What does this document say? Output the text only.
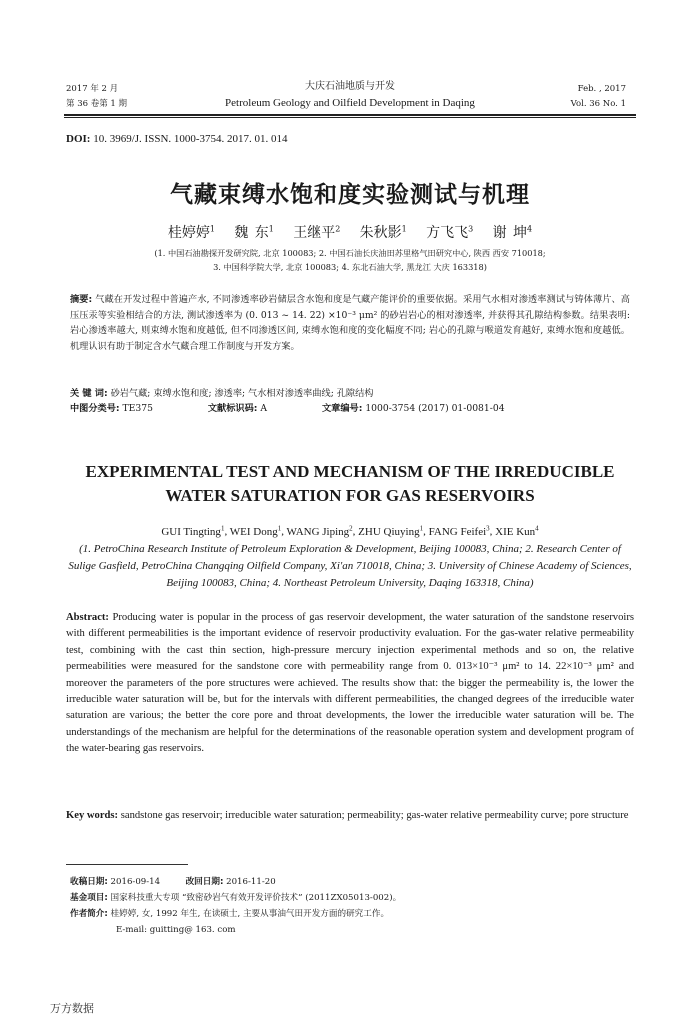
2017 年 2 月
第 36 卷第 1 期
大庆石油地质与开发
Petroleum Geology and Oilfield Development in Daqing
Feb. , 2017
Vol. 36 No. 1
DOI: 10. 3969/J. ISSN. 1000-3754. 2017. 01. 014
气藏束缚水饱和度实验测试与机理
桂婷婷$^1$ 魏 东$^1$ 王继平$^2$ 朱秋影$^1$ 方飞飞$^3$ 谢 坤$^4$
(1. 中国石油勘探开发研究院, 北京 100083; 2. 中国石油长庆油田苏里格气田研究中心, 陕西 西安 710018;
3. 中国科学院大学, 北京 100083; 4. 东北石油大学, 黑龙江 大庆 163318)
摘要: 气藏在开发过程中普遍产水, 不同渗透率砂岩储层含水饱和度是气藏产能评价的重要依据。采用气水相对渗透率测试与铸体薄片、高压压汞等实验相结合的方法, 测试渗透率为 (0. 013 ~ 14. 22) ×10⁻³ μm² 的砂岩岩心的相对渗透率, 并获得其孔隙结构参数。结果表明: 岩心渗透率越大, 则束缚水饱和度越低, 但不同渗透区间, 束缚水饱和度的变化幅度不同; 岩心的孔隙与喉道发育越好, 束缚水饱和度越低。机理认识有助于制定含水气藏合理工作制度与开发方案。
关 键 词: 砂岩气藏; 束缚水饱和度; 渗透率; 气水相对渗透率曲线; 孔隙结构
中图分类号: TE375	文献标识码: A	文章编号: 1000-3754 (2017) 01-0081-04
EXPERIMENTAL TEST AND MECHANISM OF THE IRREDUCIBLE
WATER SATURATION FOR GAS RESERVOIRS
GUI Tingting$^1$, WEI Dong$^1$, WANG Jiping$^2$, ZHU Qiuying$^1$, FANG Feifei$^3$, XIE Kun$^4$
(1. PetroChina Research Institute of Petroleum Exploration & Development, Beijing 100083, China; 2. Research Center of Sulige Gasfield, PetroChina Changqing Oilfield Company, Xi'an 710018, China; 3. University of Chinese Academy of Sciences, Beijing 100083, China; 4. Northeast Petroleum University, Daqing 163318, China)
Abstract: Producing water is popular in the process of gas reservoir development, the water saturation of the sandstone reservoirs with different permeabilities is the important evidence of reservoir productivity evaluation. For the gas-water relative permeability test, combining with the cast thin section, high-pressure mercury injection experimental methods and so on, the relative permeabilities were measured for the sandstone core with permeability range from 0. 013×10⁻³ μm² to 14. 22×10⁻³ μm² and moreover the parameters of the pore structures were achieved. The results show that: the bigger the permeability is, the lower the irreducible water saturation will be, but for the intervals with different permeabilities, the changed degrees of the irreducible water saturation are various; the better the core pore and throat developments, the lower the irreducible water saturation will be. The understandings of the mechanism are helpful for the determinations of the reasonable operation system and development program of the water-bearing gas reservoirs.
Key words: sandstone gas reservoir; irreducible water saturation; permeability; gas-water relative permeability curve; pore structure
收稿日期: 2016-09-14	改回日期: 2016-11-20
基金项目: 国家科技重大专项 “致密砂岩气有效开发评价技术” (2011ZX05013-002)。
作者简介: 桂婷婷, 女, 1992 年生, 在读硕士, 主要从事油气田开发方面的研究工作。
E-mail: guitting@ 163. com
万方数据
